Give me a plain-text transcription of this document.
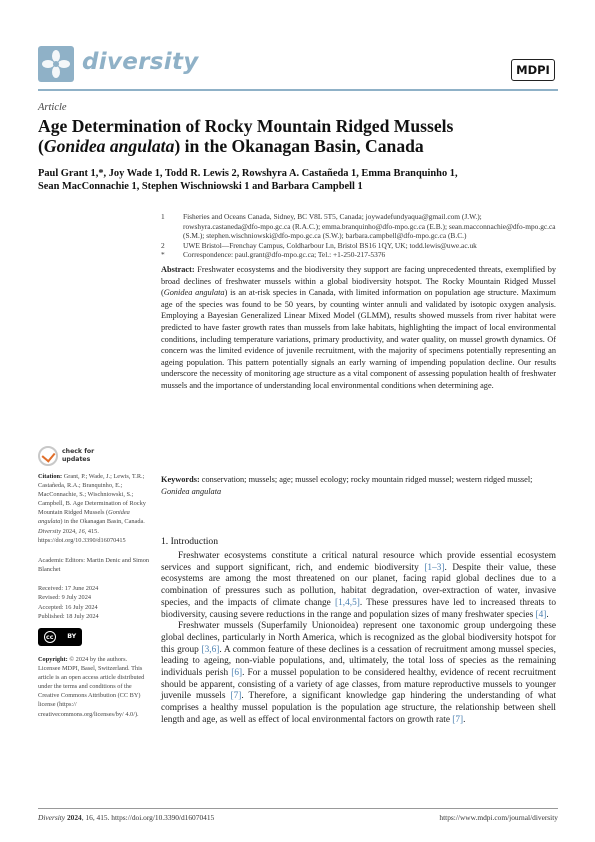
diversity	MDPI
Article
Age Determination of Rocky Mountain Ridged Mussels
(Gonidea angulata) in the Okanagan Basin, Canada
Paul Grant 1,*, Joy Wade 1, Todd R. Lewis 2, Rowshyra A. Castañeda 1, Emma Branquinho 1,
Sean MacConnachie 1, Stephen Wischniowski 1 and Barbara Campbell 1
1	Fisheries and Oceans Canada, Sidney, BC V8L 5T5, Canada; joywadefundyaqua@gmail.com (J.W.); rowshyra.castaneda@dfo-mpo.gc.ca (R.A.C.); emma.branquinho@dfo-mpo.gc.ca (E.B.); sean.macconnachie@dfo-mpo.gc.ca (S.M.); stephen.wischniowski@dfo-mpo.gc.ca (S.W.); barbara.campbell@dfo-mpo.gc.ca (B.C.)
2	UWE Bristol—Frenchay Campus, Coldharbour Ln, Bristol BS16 1QY, UK; todd.lewis@uwe.ac.uk
*	Correspondence: paul.grant@dfo-mpo.gc.ca; Tel.: +1-250-217-5376
Abstract: Freshwater ecosystems and the biodiversity they support are facing unprecedented threats, exemplified by broad declines of freshwater mussels within a global biodiversity hotspot. The Rocky Mountain Ridged Mussel (Gonidea angulata) is an at-risk species in Canada, with limited information on population age structure. Maximum age of the species was found to be 50 years, by counting winter annuli and validated by isotopic oxygen analysis. Employing a Bayesian Generalized Linear Mixed Model (GLMM), results showed mussels from river habitat were predicted to have faster growth rates than mussels from lake habitats, highlighting the impact of local environmental conditions, including temperature variations, primary productivity, and water quality, on mussel growth dynamics. Of concern was the limited evidence of juvenile recruitment, with the majority of specimens potentially representing an ageing population. This pattern potentially signals an early warning of impending population decline. Our results underscore the necessity of monitoring age structure as a vital component of assessing population health of freshwater mussels and the importance of understanding local environmental conditions when determining age.
Keywords: conservation; mussels; age; mussel ecology; rocky mountain ridged mussel; western ridged mussel; Gonidea angulata
check for
updates
Citation: Grant, P.; Wade, J.; Lewis, T.R.; Castañeda, R.A.; Branquinho, E.; MacConnachie, S.; Wischniowski, S.; Campbell, B. Age Determination of Rocky Mountain Ridged Mussels (Gonidea angulata) in the Okanagan Basin, Canada. Diversity 2024, 16, 415. https://doi.org/10.3390/d16070415
Academic Editors: Martin Denic and Simon Blanchet
Received: 17 June 2024
Revised: 9 July 2024
Accepted: 16 July 2024
Published: 18 July 2024
cc	BY
Copyright: © 2024 by the authors. Licensee MDPI, Basel, Switzerland. This article is an open access article distributed under the terms and conditions of the Creative Commons Attribution (CC BY) license (https:// creativecommons.org/licenses/by/ 4.0/).
1. Introduction

Freshwater ecosystems constitute a critical natural resource which provide essential ecosystem services and support significant, rich, and endemic biodiversity [1–3]. Despite their value, these ecosystems are among the most threatened on our planet, facing rapid global declines due to a combination of pressures such as pollution, habitat degradation, over-extraction of water, invasive species, and the impacts of climate change [1,4,5]. These pressures have led to increased threats to biodiversity, causing severe reductions in the range and population sizes of many freshwater species [4].

Freshwater mussels (Superfamily Unionoidea) represent one taxonomic group undergoing these global declines, particularly in North America, which is recognized as the global biodiversity hotspot for this group [3,6]. A common feature of these declines is a cessation of recruitment among mussel species, leading to ageing, non-viable populations, and, ultimately, the total loss of species as the remaining individuals perish [6]. For a mussel population to be considered healthy, evidence of recent recruitment should be apparent, consisting of a variety of age classes, from mature reproductive mussels to younger juvenile mussels [7]. Therefore, a significant knowledge gap hindering the understanding of what comprises a healthy mussel population is the population age structure, the relationship between shell length and age, as well as effect of local environmental factors on growth rate [7].

Diversity 2024, 16, 415. https://doi.org/10.3390/d16070415	https://www.mdpi.com/journal/diversity
